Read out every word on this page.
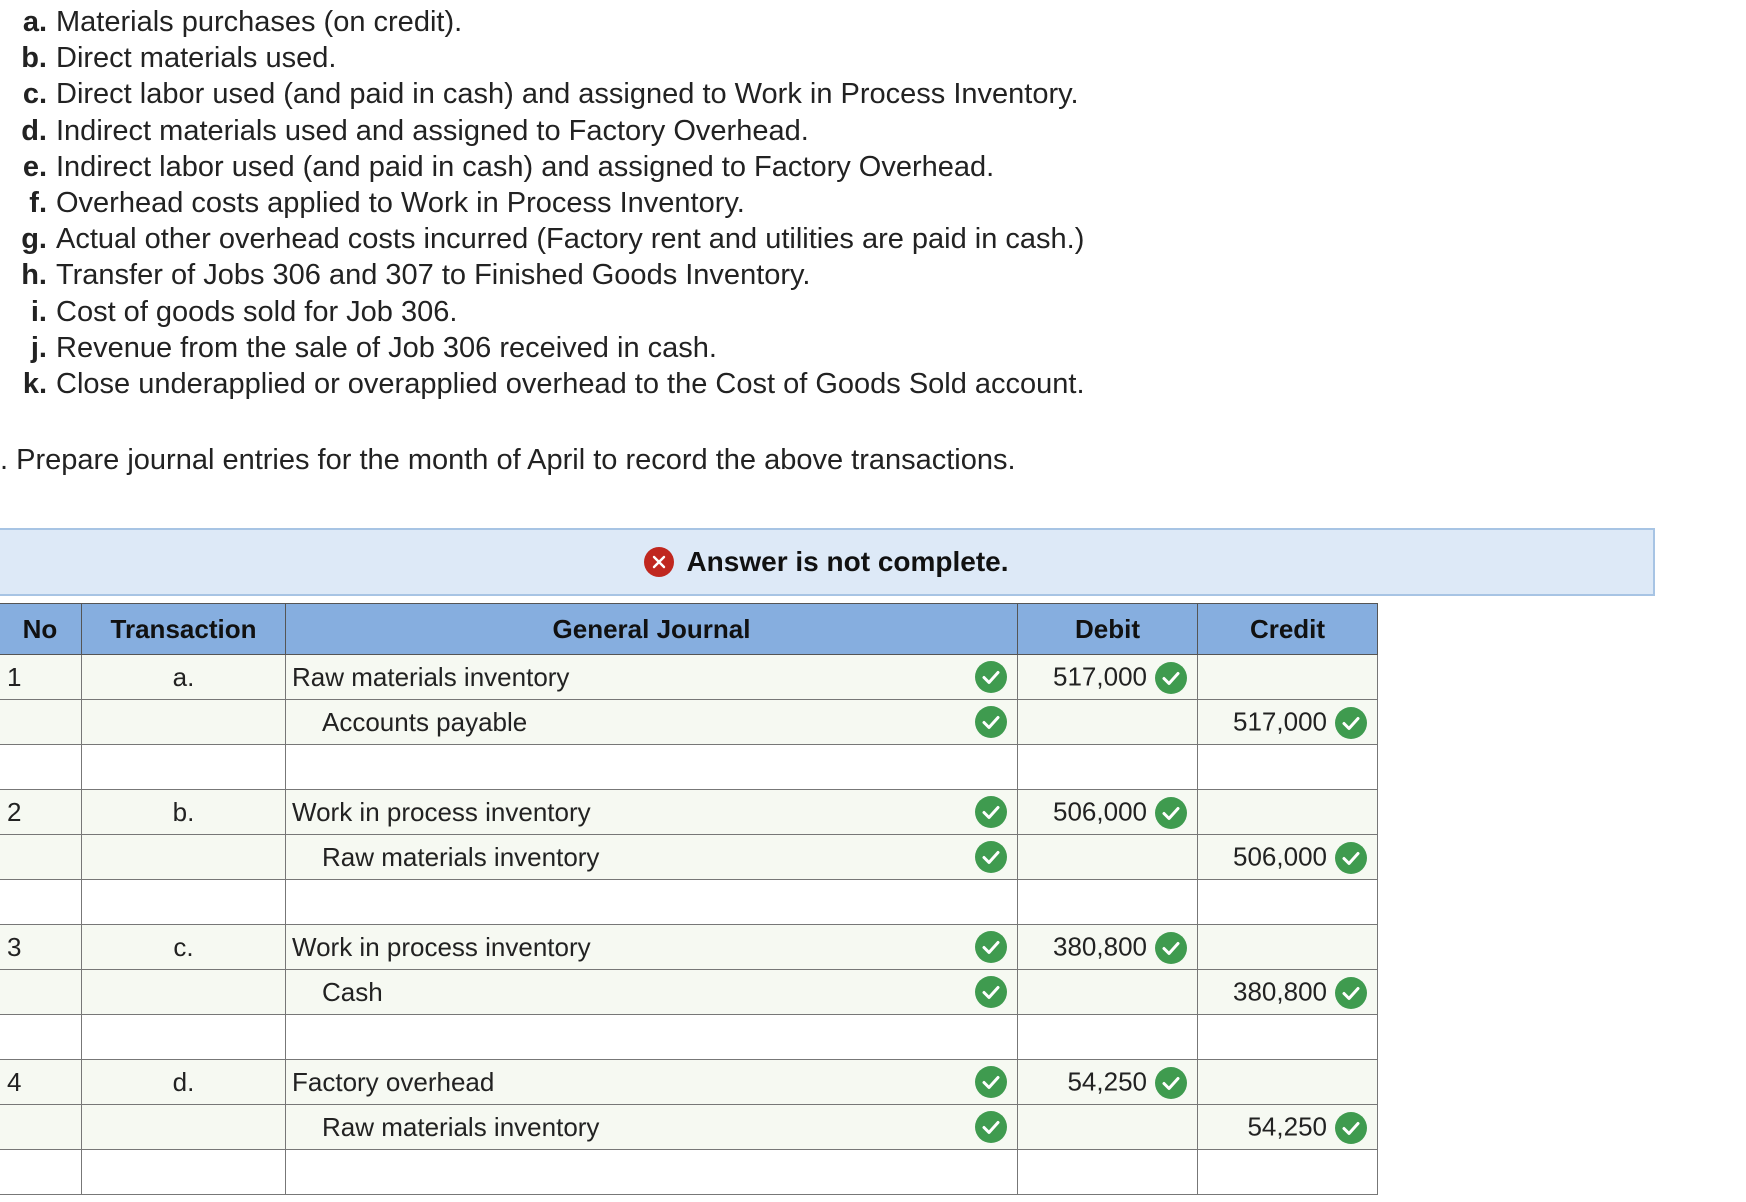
a. Materials purchases (on credit).
b. Direct materials used.
c. Direct labor used (and paid in cash) and assigned to Work in Process Inventory.
d. Indirect materials used and assigned to Factory Overhead.
e. Indirect labor used (and paid in cash) and assigned to Factory Overhead.
f. Overhead costs applied to Work in Process Inventory.
g. Actual other overhead costs incurred (Factory rent and utilities are paid in cash.)
h. Transfer of Jobs 306 and 307 to Finished Goods Inventory.
i. Cost of goods sold for Job 306.
j. Revenue from the sale of Job 306 received in cash.
k. Close underapplied or overapplied overhead to the Cost of Goods Sold account.
. Prepare journal entries for the month of April to record the above transactions.
Answer is not complete.
No	Transaction	General Journal	Debit	Credit
1	a.	Raw materials inventory	517,000

		Accounts payable		517,000

2	b.	Work in process inventory	506,000

		Raw materials inventory		506,000

3	c.	Work in process inventory	380,800

		Cash		380,800

4	d.	Factory overhead	54,250

		Raw materials inventory		54,250
